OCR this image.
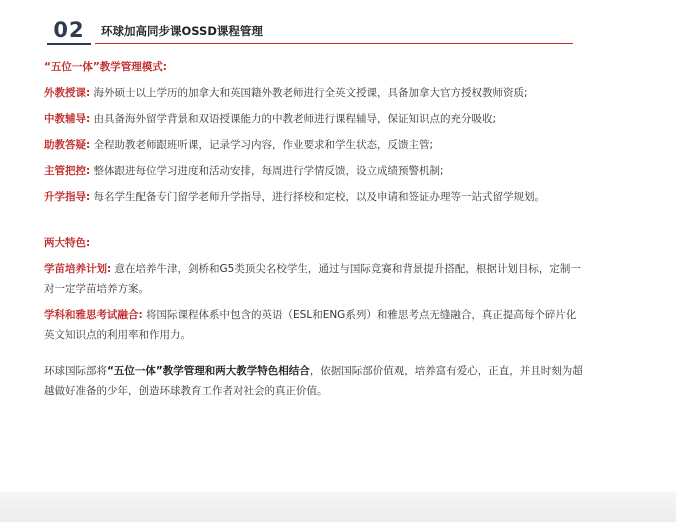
02	环球加高同步课OSSD课程管理

“五位一体”教学管理模式:

外教授课: 海外硕士以上学历的加拿大和英国籍外教老师进行全英文授课，具备加拿大官方授权教师资质;

中教辅导: 由具备海外留学背景和双语授课能力的中教老师进行课程辅导，保证知识点的充分吸收;

助教答疑: 全程助教老师跟班听课，记录学习内容，作业要求和学生状态，反馈主管;

主管把控: 整体跟进每位学习进度和活动安排，每周进行学情反馈，设立成绩预警机制;

升学指导: 每名学生配备专门留学老师升学指导，进行择校和定校，以及申请和签证办理等一站式留学规划。

两大特色:

学苗培养计划: 意在培养牛津，剑桥和G5类顶尖名校学生，通过与国际竞赛和背景提升搭配，根据计划目标，定制一对一定学苗培养方案。

学科和雅思考试融合: 将国际课程体系中包含的英语（ESL和ENG系列）和雅思考点无缝融合，真正提高每个碎片化英文知识点的利用率和作用力。

环球国际部将“五位一体”教学管理和两大教学特色相结合，依据国际部价值观，培养富有爱心，正直，并且时刻为超越做好准备的少年，创造环球教育工作者对社会的真正价值。
